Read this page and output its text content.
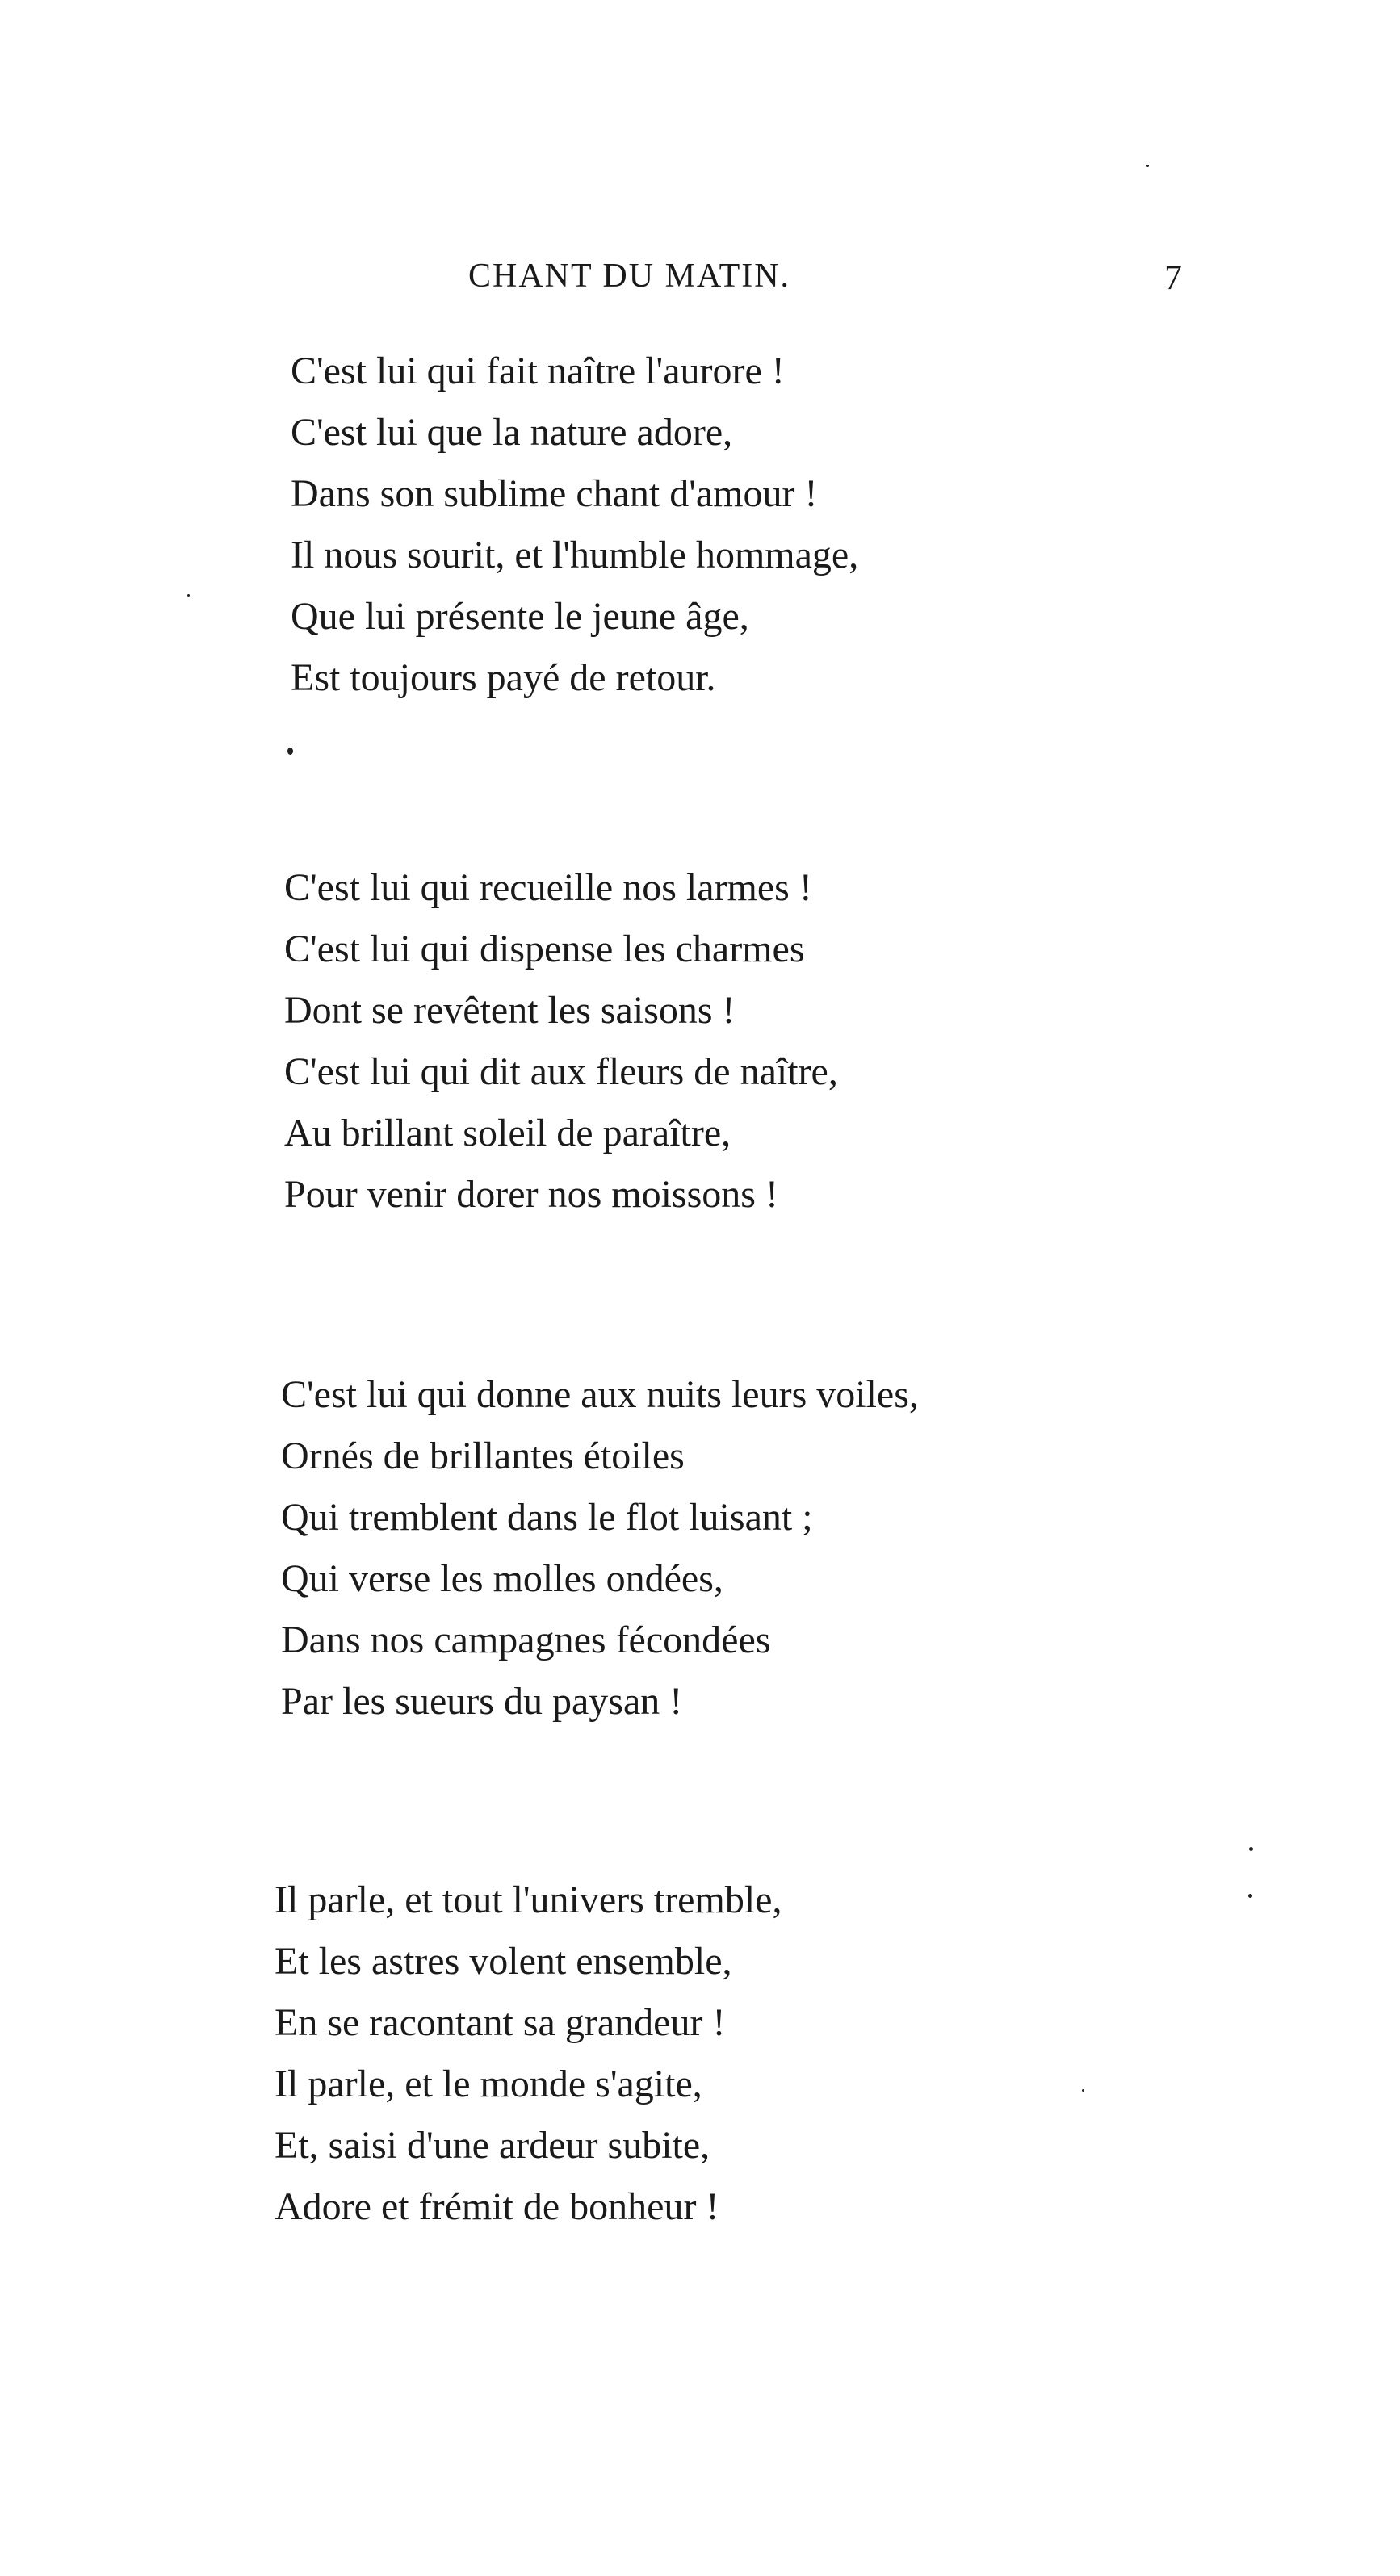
CHANT DU MATIN.	7
C'est lui qui fait naître l'aurore !
C'est lui que la nature adore,
Dans son sublime chant d'amour !
Il nous sourit, et l'humble hommage,
Que lui présente le jeune âge,
Est toujours payé de retour.
C'est lui qui recueille nos larmes !
C'est lui qui dispense les charmes
Dont se revêtent les saisons !
C'est lui qui dit aux fleurs de naître,
Au brillant soleil de paraître,
Pour venir dorer nos moissons !
C'est lui qui donne aux nuits leurs voiles,
Ornés de brillantes étoiles
Qui tremblent dans le flot luisant ;
Qui verse les molles ondées,
Dans nos campagnes fécondées
Par les sueurs du paysan !
Il parle, et tout l'univers tremble,
Et les astres volent ensemble,
En se racontant sa grandeur !
Il parle, et le monde s'agite,
Et, saisi d'une ardeur subite,
Adore et frémit de bonheur !
